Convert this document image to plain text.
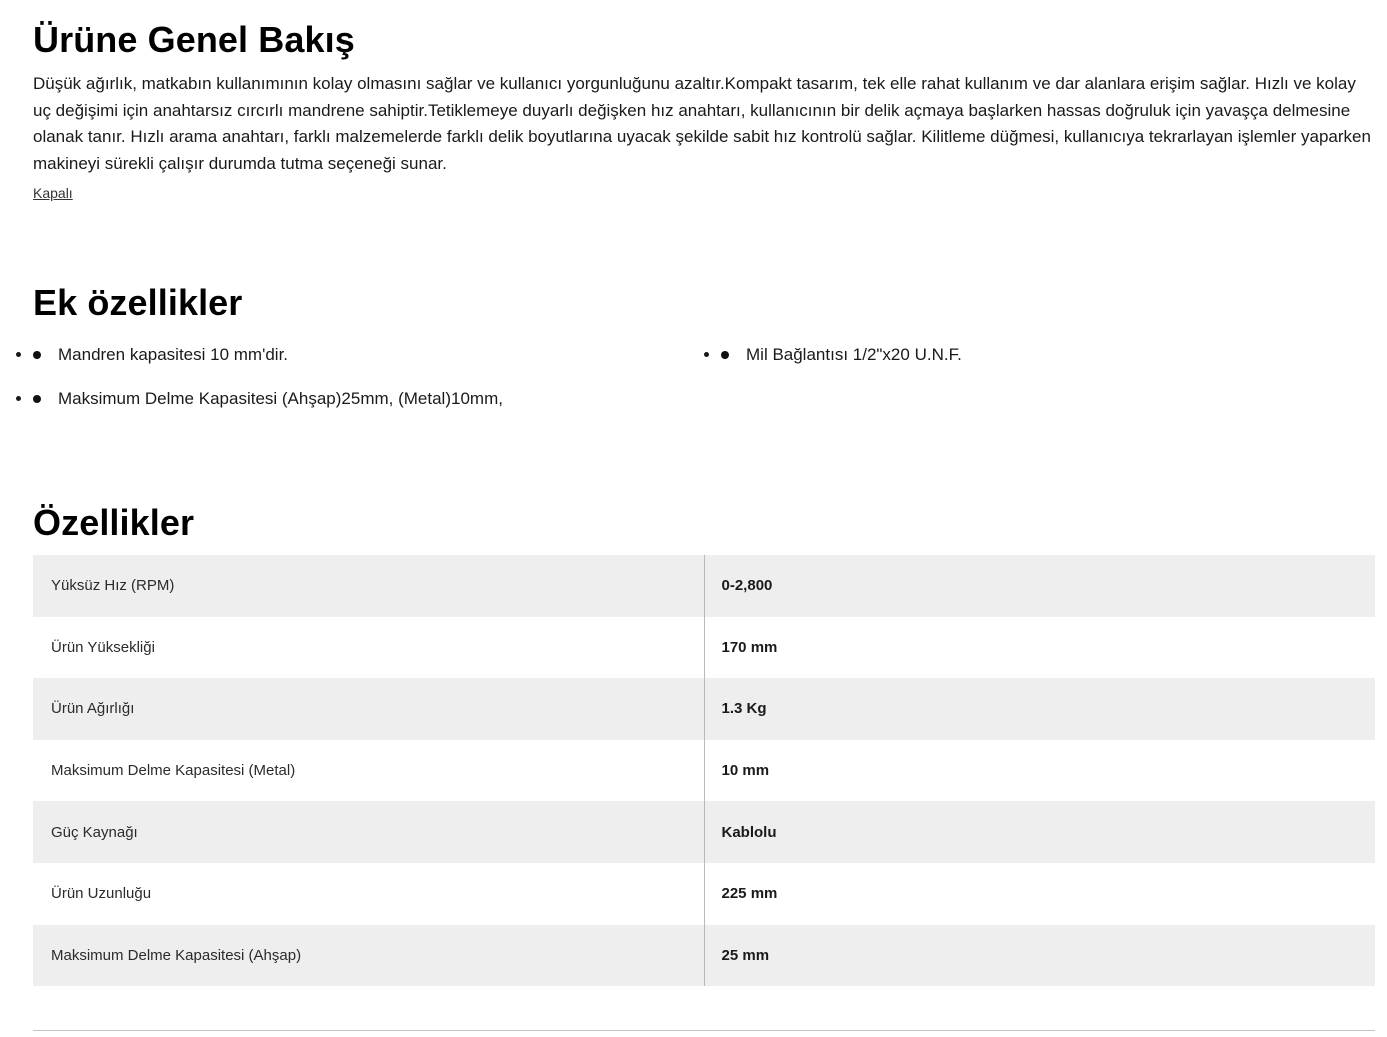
Ürüne Genel Bakış

Düşük ağırlık, matkabın kullanımının kolay olmasını sağlar ve kullanıcı yorgunluğunu azaltır.Kompakt tasarım, tek elle rahat kullanım ve dar alanlara erişim sağlar. Hızlı ve kolay uç değişimi için anahtarsız cırcırlı mandrene sahiptir.Tetiklemeye duyarlı değişken hız anahtarı, kullanıcının bir delik açmaya başlarken hassas doğruluk için yavaşça delmesine olanak tanır. Hızlı arama anahtarı, farklı malzemelerde farklı delik boyutlarına uyacak şekilde sabit hız kontrolü sağlar. Kilitleme düğmesi, kullanıcıya tekrarlayan işlemler yaparken makineyi sürekli çalışır durumda tutma seçeneği sunar.

Kapalı
Ek özellikler
• Mandren kapasitesi 10 mm'dir.	• Mil Bağlantısı 1/2"x20 U.N.F.
• Maksimum Delme Kapasitesi (Ahşap)25mm, (Metal)10mm,
Özellikler
Yüksüz Hız (RPM)	0-2,800
Ürün Yüksekliği	170 mm
Ürün Ağırlığı	1.3 Kg
Maksimum Delme Kapasitesi (Metal)	10 mm
Güç Kaynağı	Kablolu
Ürün Uzunluğu	225 mm
Maksimum Delme Kapasitesi (Ahşap)	25 mm
